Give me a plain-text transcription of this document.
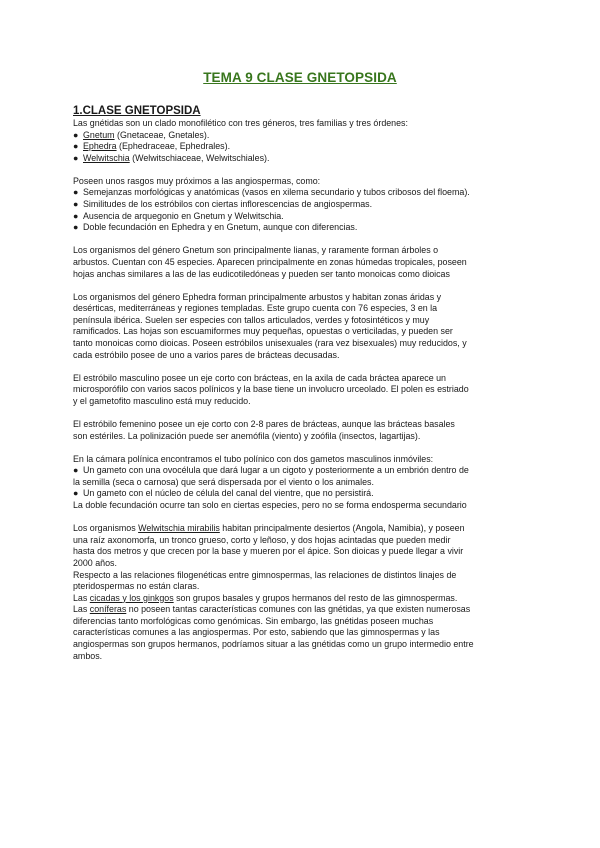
TEMA 9 CLASE GNETOPSIDA
1.CLASE GNETOPSIDA
Las gnétidas son un clado monofilético con tres géneros, tres familias y tres órdenes:
● Gnetum (Gnetaceae, Gnetales).
● Ephedra (Ephedraceae, Ephedrales).
● Welwitschia (Welwitschiaceae, Welwitschiales).
Poseen unos rasgos muy próximos a las angiospermas, como:
● Semejanzas morfológicas y anatómicas (vasos en xilema secundario y tubos cribosos del floema).
● Similitudes de los estróbilos con ciertas inflorescencias de angiospermas.
● Ausencia de arquegonio en Gnetum y Welwitschia.
● Doble fecundación en Ephedra y en Gnetum, aunque con diferencias.
Los organismos del género Gnetum son principalmente lianas, y raramente forman árboles o
arbustos. Cuentan con 45 especies. Aparecen principalmente en zonas húmedas tropicales, poseen
hojas anchas similares a las de las eudicotiledóneas y pueden ser tanto monoicas como dioicas
Los organismos del género Ephedra forman principalmente arbustos y habitan zonas áridas y
desérticas, mediterráneas y regiones templadas. Este grupo cuenta con 76 especies, 3 en la
península ibérica. Suelen ser especies con tallos articulados, verdes y fotosintéticos y muy
ramificados. Las hojas son escuamiformes muy pequeñas, opuestas o verticiladas, y pueden ser
tanto monoicas como dioicas. Poseen estróbilos unisexuales (rara vez bisexuales) muy reducidos, y
cada estróbilo posee de uno a varios pares de brácteas decusadas.
El estróbilo masculino posee un eje corto con brácteas, en la axila de cada bráctea aparece un
microsporófilo con varios sacos polínicos y la base tiene un involucro urceolado. El polen es estriado
y el gametofito masculino está muy reducido.
El estróbilo femenino posee un eje corto con 2-8 pares de brácteas, aunque las brácteas basales
son estériles. La polinización puede ser anemófila (viento) y zoófila (insectos, lagartijas).
En la cámara polínica encontramos el tubo polínico con dos gametos masculinos inmóviles:
● Un gameto con una ovocélula que dará lugar a un cigoto y posteriormente a un embrión dentro de
la semilla (seca o carnosa) que será dispersada por el viento o los animales.
● Un gameto con el núcleo de célula del canal del vientre, que no persistirá.
La doble fecundación ocurre tan solo en ciertas especies, pero no se forma endosperma secundario
Los organismos Welwitschia mirabilis habitan principalmente desiertos (Angola, Namibia), y poseen
una raíz axonomorfa, un tronco grueso, corto y leñoso, y dos hojas acintadas que pueden medir
hasta dos metros y que crecen por la base y mueren por el ápice. Son dioicas y puede llegar a vivir
2000 años.
Respecto a las relaciones filogenéticas entre gimnospermas, las relaciones de distintos linajes de
pteridospermas no están claras.
Las cicadas y los ginkgos son grupos basales y grupos hermanos del resto de las gimnospermas.
Las coníferas no poseen tantas características comunes con las gnétidas, ya que existen numerosas
diferencias tanto morfológicas como genómicas. Sin embargo, las gnétidas poseen muchas
características comunes a las angiospermas. Por esto, sabiendo que las gimnospermas y las
angiospermas son grupos hermanos, podríamos situar a las gnétidas como un grupo intermedio entre
ambos.
